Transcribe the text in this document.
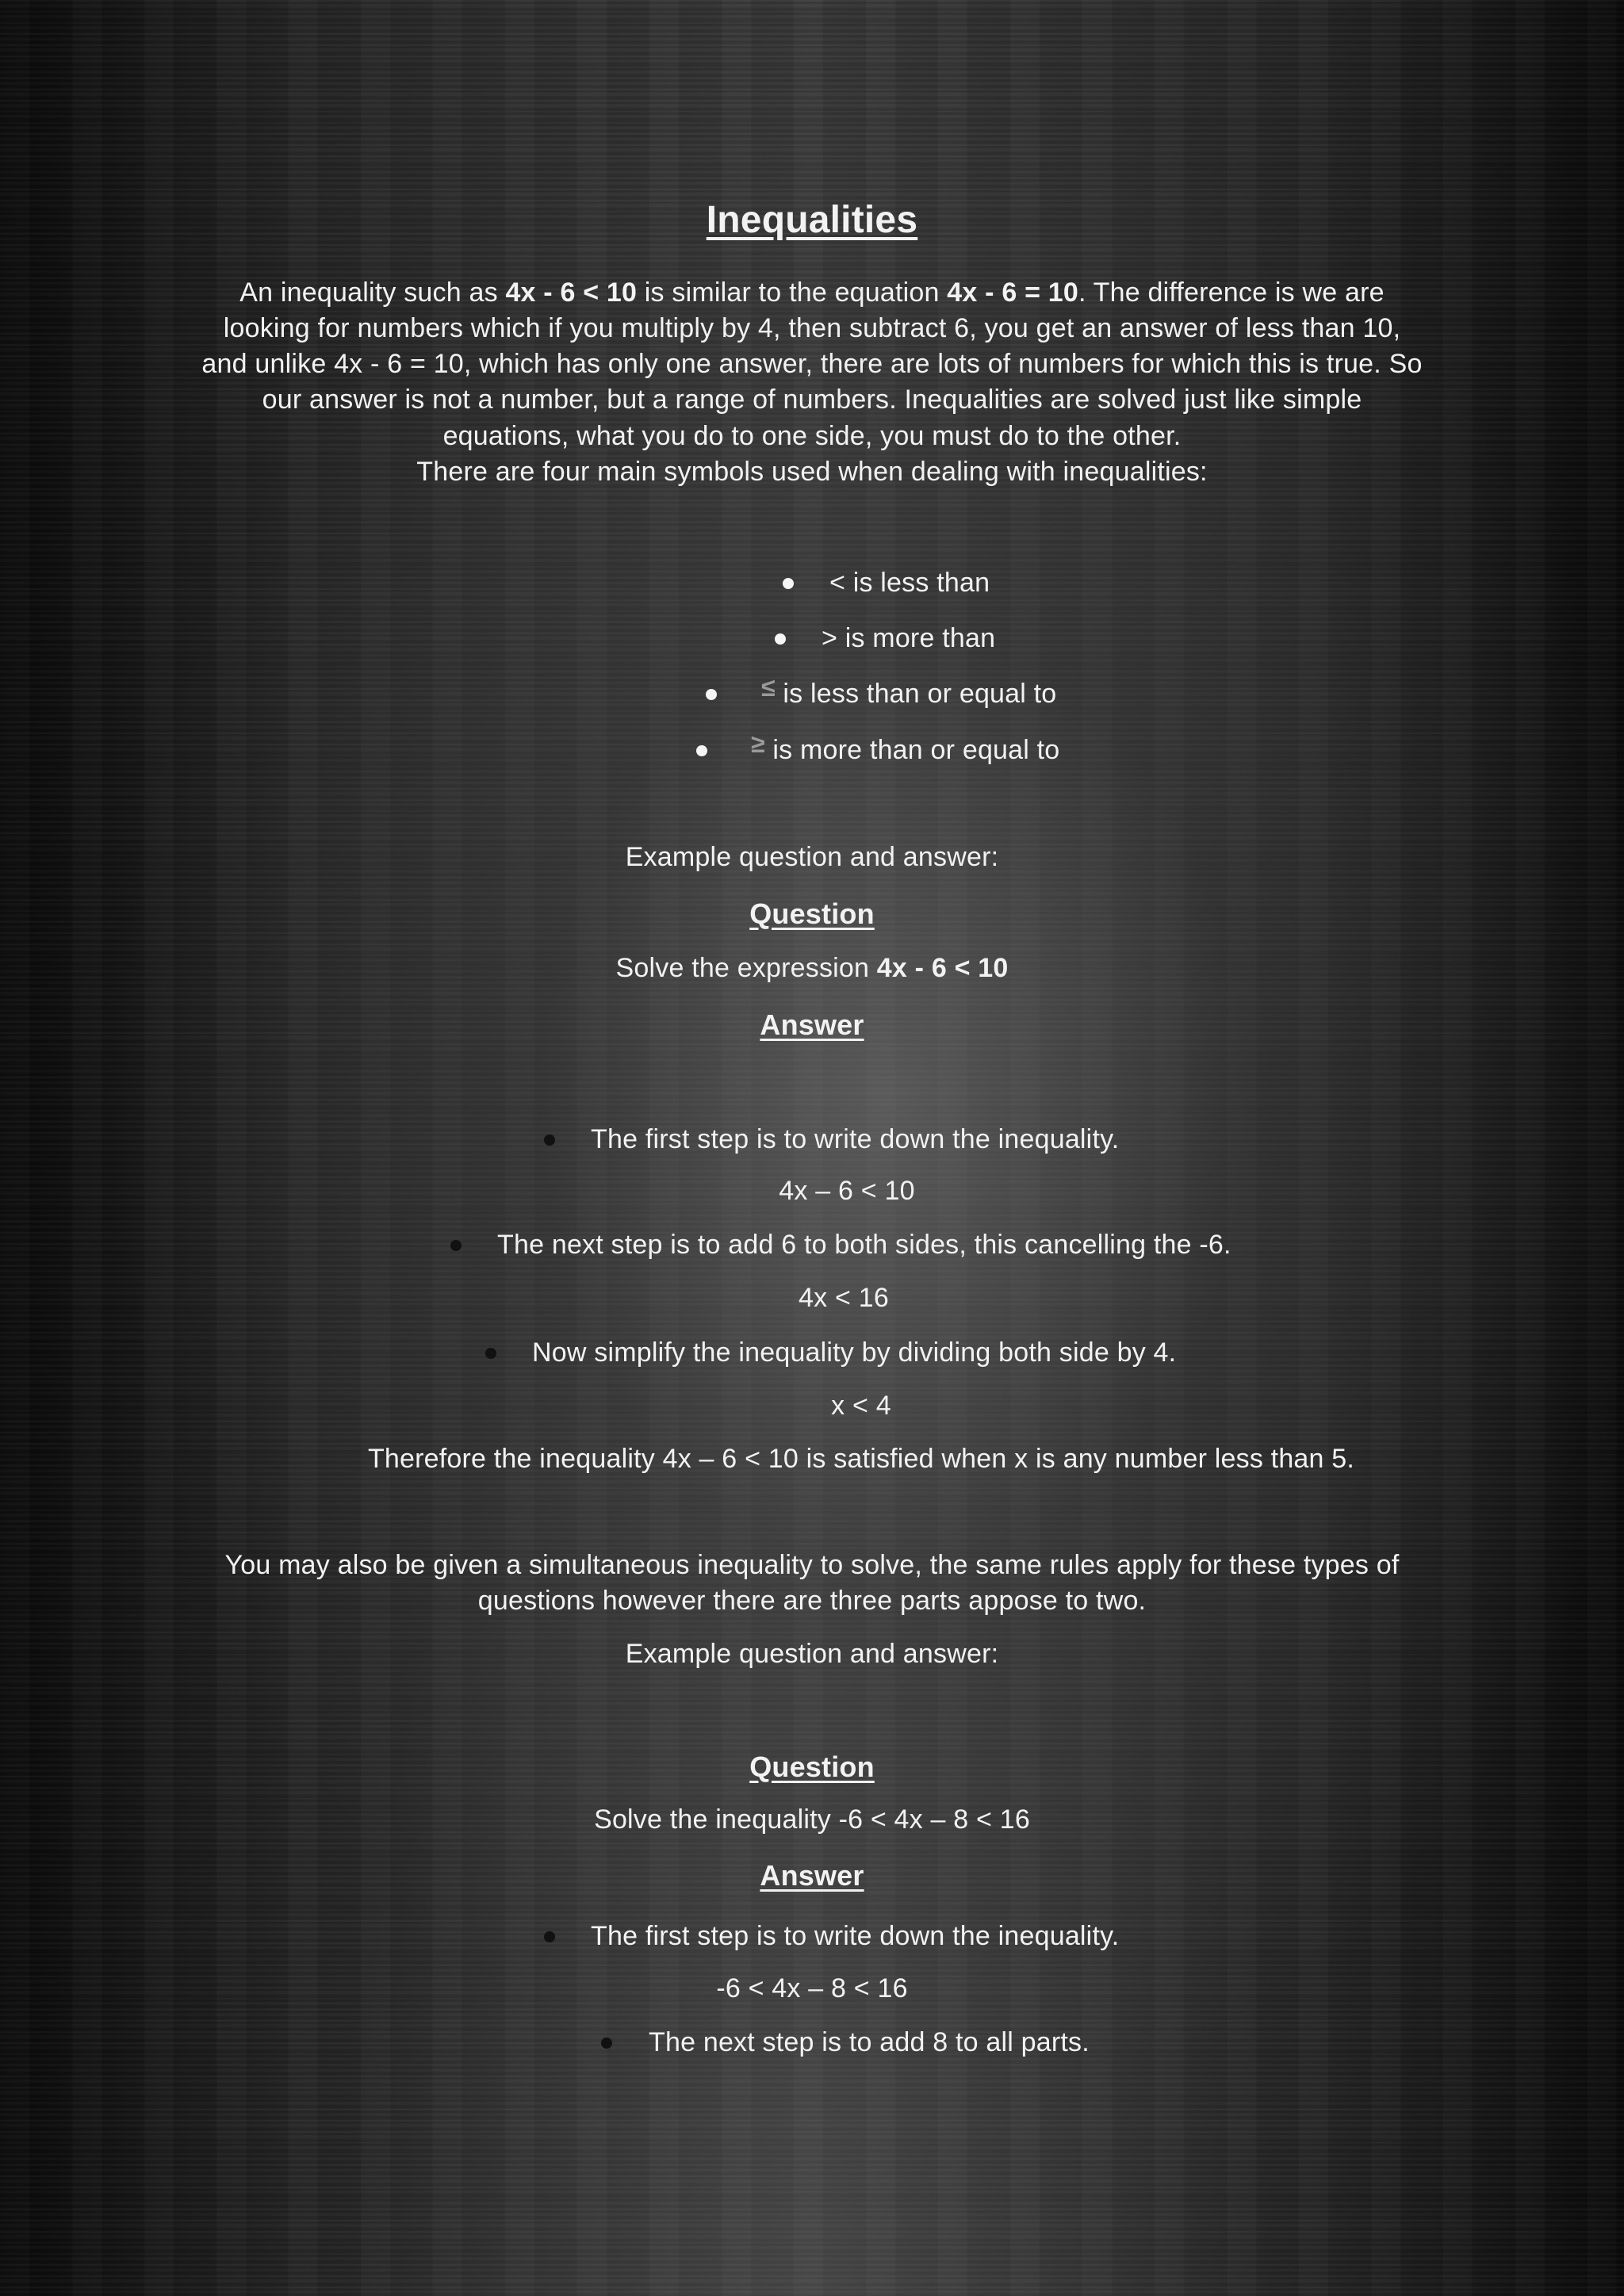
Inequalities
An inequality such as 4x - 6 < 10 is similar to the equation 4x - 6 = 10. The difference is we are
looking for numbers which if you multiply by 4, then subtract 6, you get an answer of less than 10,
and unlike 4x - 6 = 10, which has only one answer, there are lots of numbers for which this is true. So
our answer is not a number, but a range of numbers. Inequalities are solved just like simple
equations, what you do to one side, you must do to the other.
There are four main symbols used when dealing with inequalities:
< is less than
> is more than
≤ is less than or equal to
≥ is more than or equal to
Example question and answer:
Question
Solve the expression 4x - 6 < 10
Answer
The first step is to write down the inequality.
4x – 6 < 10
The next step is to add 6 to both sides, this cancelling the -6.
4x < 16
Now simplify the inequality by dividing both side by 4.
x < 4
Therefore the inequality 4x – 6 < 10 is satisfied when x is any number less than 5.
You may also be given a simultaneous inequality to solve, the same rules apply for these types of
questions however there are three parts appose to two.
Example question and answer:
Question
Solve the inequality -6 < 4x – 8 < 16
Answer
The first step is to write down the inequality.
-6 < 4x – 8 < 16
The next step is to add 8 to all parts.
